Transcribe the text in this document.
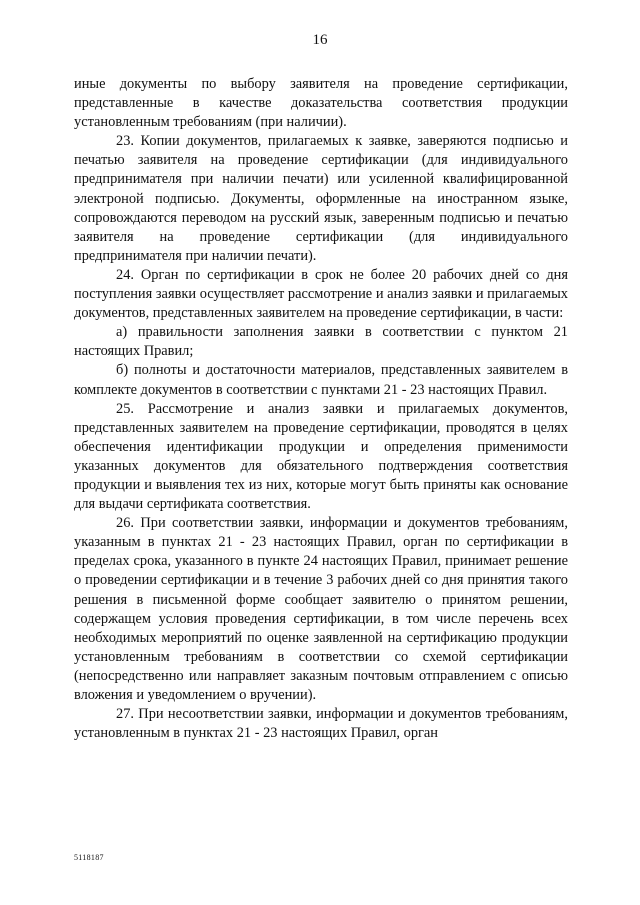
16

иные документы по выбору заявителя на проведение сертификации, представленные в качестве доказательства соответствия продукции установленным требованиям (при наличии).

23. Копии документов, прилагаемых к заявке, заверяются подписью и печатью заявителя на проведение сертификации (для индивидуального предпринимателя при наличии печати) или усиленной квалифицированной электроной подписью. Документы, оформленные на иностранном языке, сопровождаются переводом на русский язык, заверенным подписью и печатью заявителя на проведение сертификации (для индивидуального предпринимателя при наличии печати).

24. Орган по сертификации в срок не более 20 рабочих дней со дня поступления заявки осуществляет рассмотрение и анализ заявки и прилагаемых документов, представленных заявителем на проведение сертификации, в части:

а) правильности заполнения заявки в соответствии с пунктом 21 настоящих Правил;

б) полноты и достаточности материалов, представленных заявителем в комплекте документов в соответствии с пунктами 21 - 23 настоящих Правил.

25. Рассмотрение и анализ заявки и прилагаемых документов, представленных заявителем на проведение сертификации, проводятся в целях обеспечения идентификации продукции и определения применимости указанных документов для обязательного подтверждения соответствия продукции и выявления тех из них, которые могут быть приняты как основание для выдачи сертификата соответствия.

26. При соответствии заявки, информации и документов требованиям, указанным в пунктах 21 - 23 настоящих Правил, орган по сертификации в пределах срока, указанного в пункте 24 настоящих Правил, принимает решение о проведении сертификации и в течение 3 рабочих дней со дня принятия такого решения в письменной форме сообщает заявителю о принятом решении, содержащем условия проведения сертификации, в том числе перечень всех необходимых мероприятий по оценке заявленной на сертификацию продукции установленным требованиям в соответствии со схемой сертификации (непосредственно или направляет заказным почтовым отправлением с описью вложения и уведомлением о вручении).

27. При несоответствии заявки, информации и документов требованиям, установленным в пунктах 21 - 23 настоящих Правил, орган

5118187
